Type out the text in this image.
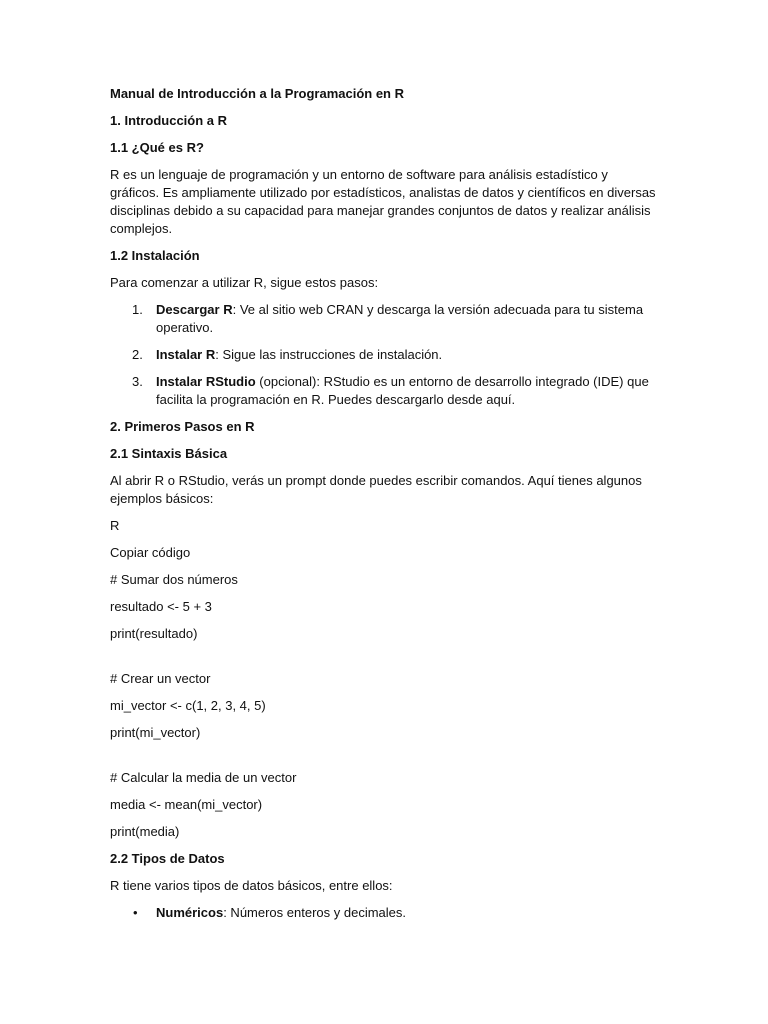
Manual de Introducción a la Programación en R
1. Introducción a R
1.1 ¿Qué es R?
R es un lenguaje de programación y un entorno de software para análisis estadístico y gráficos. Es ampliamente utilizado por estadísticos, analistas de datos y científicos en diversas disciplinas debido a su capacidad para manejar grandes conjuntos de datos y realizar análisis complejos.
1.2 Instalación
Para comenzar a utilizar R, sigue estos pasos:
1. Descargar R: Ve al sitio web CRAN y descarga la versión adecuada para tu sistema operativo.
2. Instalar R: Sigue las instrucciones de instalación.
3. Instalar RStudio (opcional): RStudio es un entorno de desarrollo integrado (IDE) que facilita la programación en R. Puedes descargarlo desde aquí.
2. Primeros Pasos en R
2.1 Sintaxis Básica
Al abrir R o RStudio, verás un prompt donde puedes escribir comandos. Aquí tienes algunos ejemplos básicos:
R
Copiar código
# Sumar dos números
resultado <- 5 + 3
print(resultado)
# Crear un vector
mi_vector <- c(1, 2, 3, 4, 5)
print(mi_vector)
# Calcular la media de un vector
media <- mean(mi_vector)
print(media)
2.2 Tipos de Datos
R tiene varios tipos de datos básicos, entre ellos:
• Numéricos: Números enteros y decimales.
